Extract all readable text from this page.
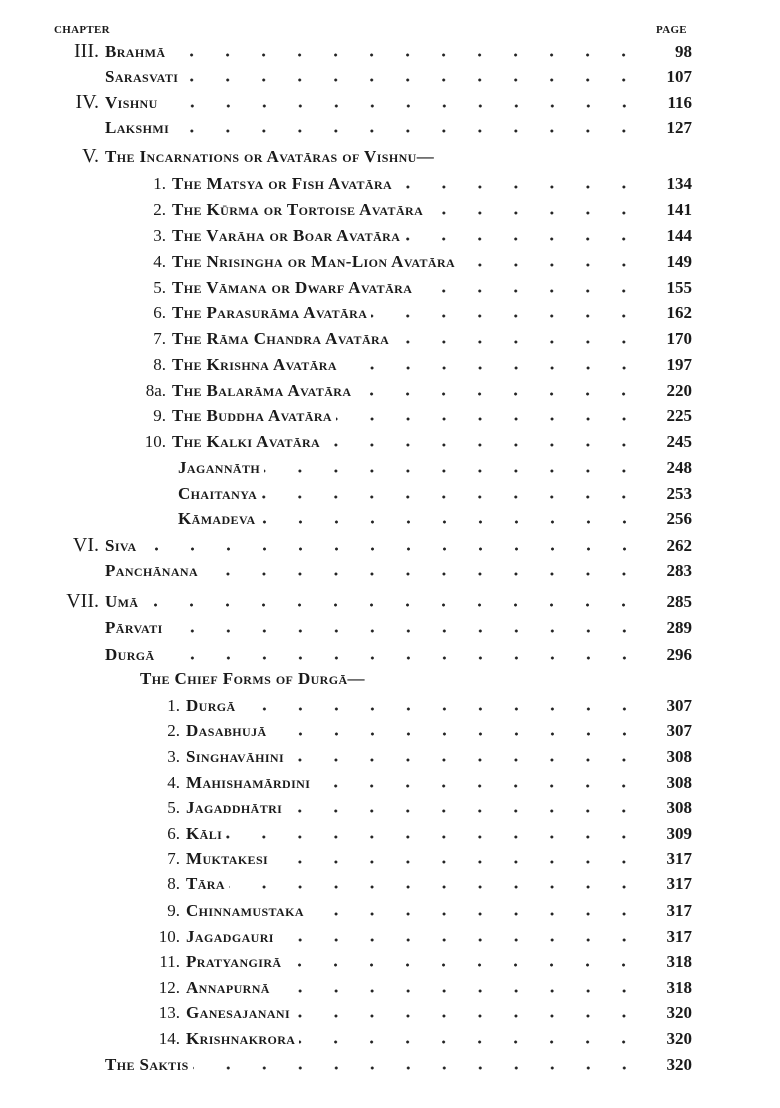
CHAPTER	PAGE
III. Brahmā	98
Sarasvati	107
IV. Vishnu	116
Lakshmi	127
V. The Incarnations or Avatāras of Vishnu—
1. The Matsya or Fish Avatāra	134
2. The Kūrma or Tortoise Avatāra	141
3. The Varāha or Boar Avatāra	144
4. The Nrisingha or Man-Lion Avatāra	149
5. The Vāmana or Dwarf Avatāra	155
6. The Parasurāma Avatāra	162
7. The Rāma Chandra Avatāra	170
8. The Krishna Avatāra	197
8a. The Balarāma Avatāra	220
9. The Buddha Avatāra	225
10. The Kalki Avatāra	245
Jagannāth	248
Chaitanya	253
Kāmadeva	256
VI. Siva	262
Panchānana	283
VII. Umā	285
Pārvati	289
Durgā	296
The Chief Forms of Durgā—
1. Durgā	307
2. Dasabhujā	307
3. Singhavāhini	308
4. Mahishamārdini	308
5. Jagaddhātri	308
6. Kāli	309
7. Muktakesi	317
8. Tāra	317
9. Chinnamustaka	317
10. Jagadgauri	317
11. Pratyangirā	318
12. Annapurnā	318
13. Ganesajanani	320
14. Krishnakrora	320
The Saktis	320
